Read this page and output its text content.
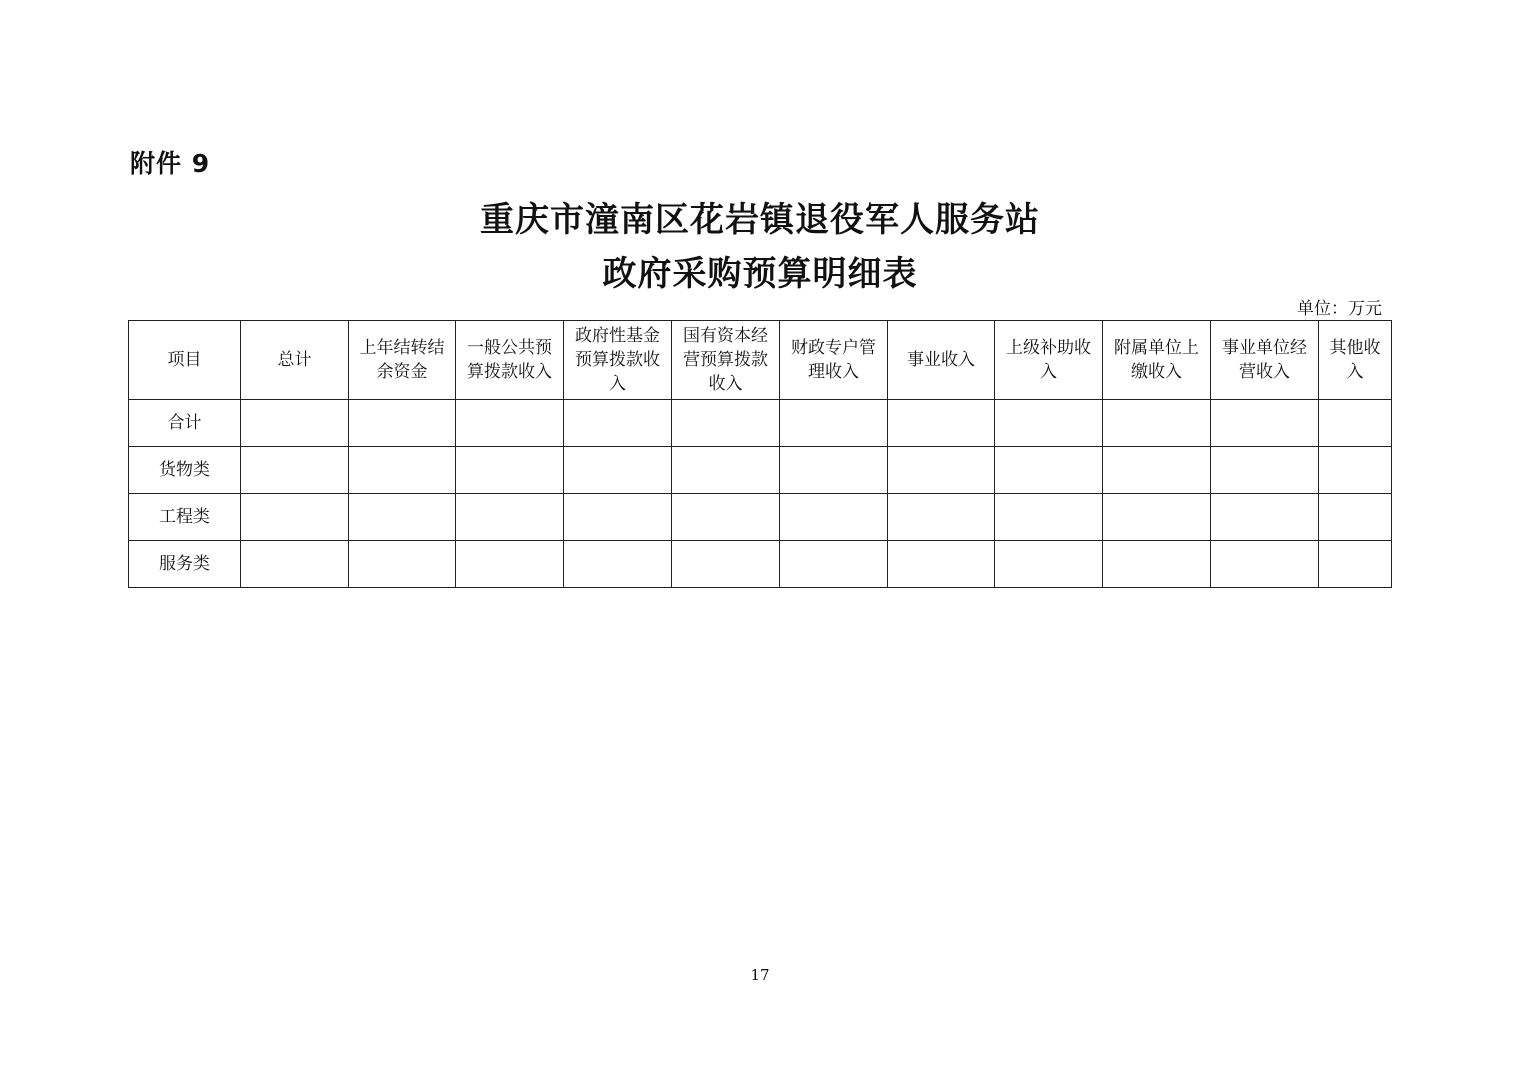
附件 9
重庆市潼南区花岩镇退役军人服务站
政府采购预算明细表
单位：万元
项目	总计	上年结转结余资金	一般公共预算拨款收入	政府性基金预算拨款收入	国有资本经营预算拨款收入	财政专户管理收入	事业收入	上级补助收入	附属单位上缴收入	事业单位经营收入	其他收入
合计											
货物类											
工程类											
服务类											
17
